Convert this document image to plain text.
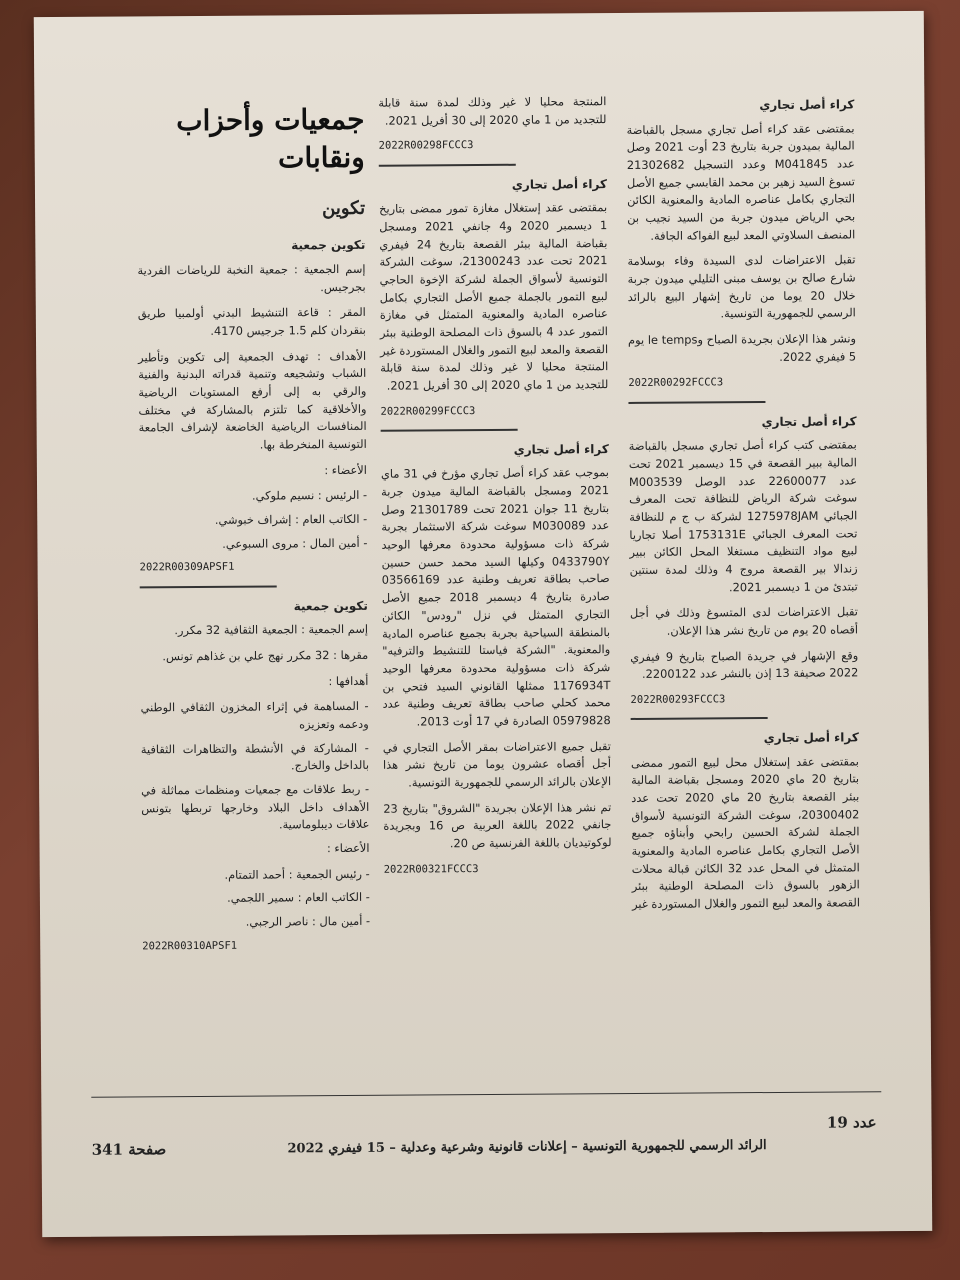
كراء أصل تجاري

بمقتضى عقد كراء أصل تجاري مسجل بالقباضة المالية بميدون جربة بتاريخ 23 أوت 2021 وصل عدد M041845 وعدد التسجيل 21302682 تسوغ السيد زهير بن محمد القابسي جميع الأصل التجاري بكامل عناصره المادية والمعنوية الكائن بحي الرياض ميدون جربة من السيد نجيب بن المنصف السلاوتي المعد لبيع الفواكه الجافة.

تقبل الاعتراضات لدى السيدة وفاء بوسلامة شارع صالح بن يوسف مبنى التليلي ميدون جربة خلال 20 يوما من تاريخ إشهار البيع بالرائد الرسمي للجمهورية التونسية.

ونشر هذا الإعلان بجريدة الصباح وle temps يوم 5 فيفري 2022.

2022R00292FCCC3
كراء أصل تجاري

بمقتضى كتب كراء أصل تجاري مسجل بالقباضة المالية ببير القصعة في 15 ديسمبر 2021 تحت عدد 22600077 عدد الوصل M003539 سوغت شركة الرياض للنظافة تحت المعرف الجبائي 1275978JAM لشركة ب ج م للنظافة تحت المعرف الجبائي 1753131E أصلا تجاريا لبيع مواد التنظيف مستغلا المحل الكائن ببير زندالا بير القصعة مروج 4 وذلك لمدة سنتين تبتدئ من 1 ديسمبر 2021.

تقبل الاعتراضات لدى المتسوغ وذلك في أجل أقصاه 20 يوم من تاريخ نشر هذا الإعلان.

وقع الإشهار في جريدة الصباح بتاريخ 9 فيفري 2022 صحيفة 13 إذن بالنشر عدد 2200122.

2022R00293FCCC3
كراء أصل تجاري

بمقتضى عقد إستغلال محل لبيع التمور ممضى بتاريخ 20 ماي 2020 ومسجل بقباضة المالية ببئر القصعة بتاريخ 20 ماي 2020 تحت عدد 20300402، سوغت الشركة التونسية لأسواق الجملة لشركة الحسين رابحي وأبناؤه جميع الأصل التجاري بكامل عناصره المادية والمعنوية المتمثل في المحل عدد 32 الكائن قبالة محلات الزهور بالسوق ذات المصلحة الوطنية ببئر القصعة والمعد لبيع التمور والغلال المستوردة غير

المنتجة محليا لا غير وذلك لمدة سنة قابلة للتجديد من 1 ماي 2020 إلى 30 أفريل 2021.

2022R00298FCCC3
كراء أصل تجاري

بمقتضى عقد إستغلال مغازة تمور ممضى بتاريخ 1 ديسمبر 2020 و4 جانفي 2021 ومسجل بقباضة المالية ببئر القصعة بتاريخ 24 فيفري 2021 تحت عدد 21300243، سوغت الشركة التونسية لأسواق الجملة لشركة الإخوة الحاجي لبيع التمور بالجملة جميع الأصل التجاري بكامل عناصره المادية والمعنوية المتمثل في مغازة التمور عدد 4 بالسوق ذات المصلحة الوطنية ببئر القصعة والمعد لبيع التمور والغلال المستوردة غير المنتجة محليا لا غير وذلك لمدة سنة قابلة للتجديد من 1 ماي 2020 إلى 30 أفريل 2021.

2022R00299FCCC3
كراء أصل تجاري

بموجب عقد كراء أصل تجاري مؤرخ في 31 ماي 2021 ومسجل بالقباضة المالية ميدون جربة بتاريخ 11 جوان 2021 تحت 21301789 وصل عدد M030089 سوغت شركة الاستثمار بجربة شركة ذات مسؤولية محدودة معرفها الوحيد 0433790Y وكيلها السيد محمد حسن حسين صاحب بطاقة تعريف وطنية عدد 03566169 صادرة بتاريخ 4 ديسمبر 2018 جميع الأصل التجاري المتمثل في نزل "رودس" الكائن بالمنطقة السياحية بجربة بجميع عناصره المادية والمعنوية. "الشركة فياستا للتنشيط والترفيه" شركة ذات مسؤولية محدودة معرفها الوحيد 1176934T ممثلها القانوني السيد فتحي بن محمد كحلي صاحب بطاقة تعريف وطنية عدد 05979828 الصادرة في 17 أوت 2013.

تقبل جميع الاعتراضات بمقر الأصل التجاري في أجل أقصاه عشرون يوما من تاريخ نشر هذا الإعلان بالرائد الرسمي للجمهورية التونسية.

تم نشر هذا الإعلان بجريدة "الشروق" بتاريخ 23 جانفي 2022 باللغة العربية ص 16 وبجريدة لوكوتيديان باللغة الفرنسية ص 20.

2022R00321FCCC3
جمعيات وأحزاب ونقابات
تكوين
تكوين جمعية

إسم الجمعية : جمعية النخبة للرياضات الفردية بجرجيس.

المقر : قاعة التنشيط البدني أولمبيا طريق بنقردان كلم 1.5 جرجيس 4170.

الأهداف : تهدف الجمعية إلى تكوين وتأطير الشباب وتشجيعه وتنمية قدراته البدنية والفنية والرقي به إلى أرفع المستويات الرياضية والأخلاقية كما تلتزم بالمشاركة في مختلف المنافسات الرياضية الخاضعة لإشراف الجامعة التونسية المنخرطة بها.

الأعضاء :

- الرئيس : نسيم ملوكي.
- الكاتب العام : إشراف خبوشي.
- أمين المال : مروى السبوعي.
2022R00309APSF1
تكوين جمعية

إسم الجمعية : الجمعية الثقافية 32 مكرر.

مقرها : 32 مكرر نهج علي بن غذاهم تونس.

أهدافها :

- المساهمة في إثراء المخزون الثقافي الوطني ودعمه وتعزيزه
- المشاركة في الأنشطة والتظاهرات الثقافية بالداخل والخارج.
- ربط علاقات مع جمعيات ومنظمات مماثلة في الأهداف داخل البلاد وخارجها تربطها بتونس علاقات ديبلوماسية.

الأعضاء :

- رئيس الجمعية : أحمد التمتام.
- الكاتب العام : سمير اللجمي.
- أمين مال : ناصر الرجبي.
2022R00310APSF1
عدد 19
الرائد الرسمي للجمهورية التونسية – إعلانات قانونية وشرعية وعدلية – 15 فيفري 2022
صفحة 341
